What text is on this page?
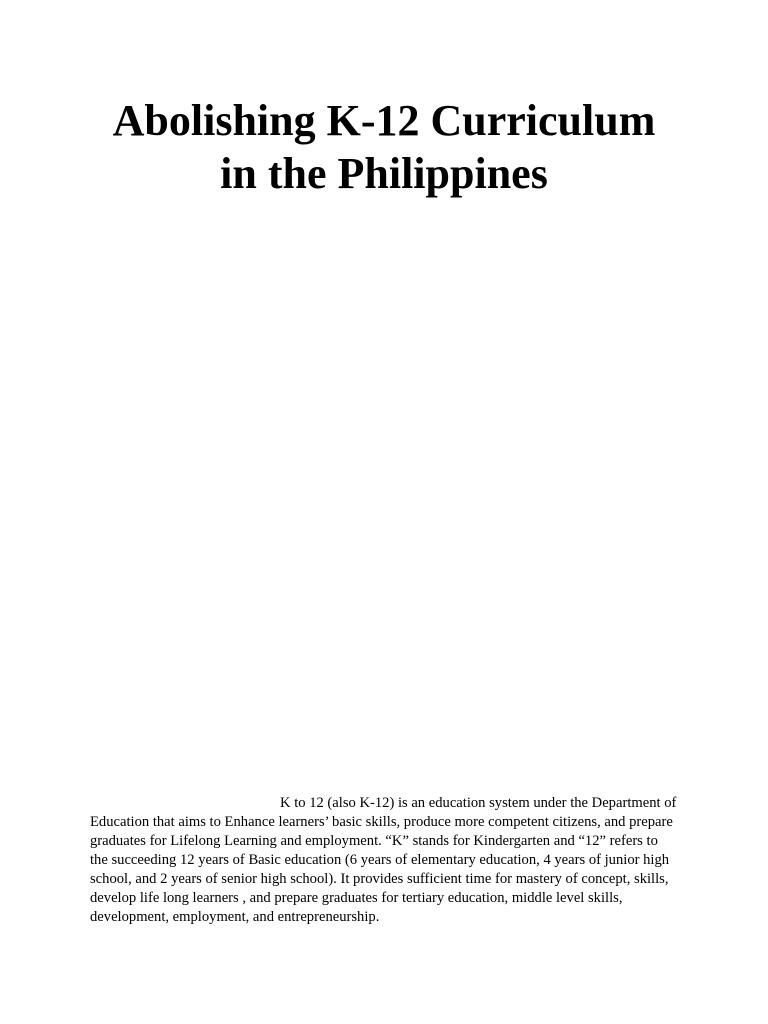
Abolishing K-12 Curriculum
in the Philippines

K to 12 (also K-12) is an education system under the Department of Education that aims to Enhance learners’ basic skills, produce more competent citizens, and prepare graduates for Lifelong Learning and employment. “K” stands for Kindergarten and “12” refers to the succeeding 12 years of Basic education (6 years of elementary education, 4 years of junior high school, and 2 years of senior high school). It provides sufficient time for mastery of concept, skills, develop life long learners , and prepare graduates for tertiary education, middle level skills, development, employment, and entrepreneurship.
